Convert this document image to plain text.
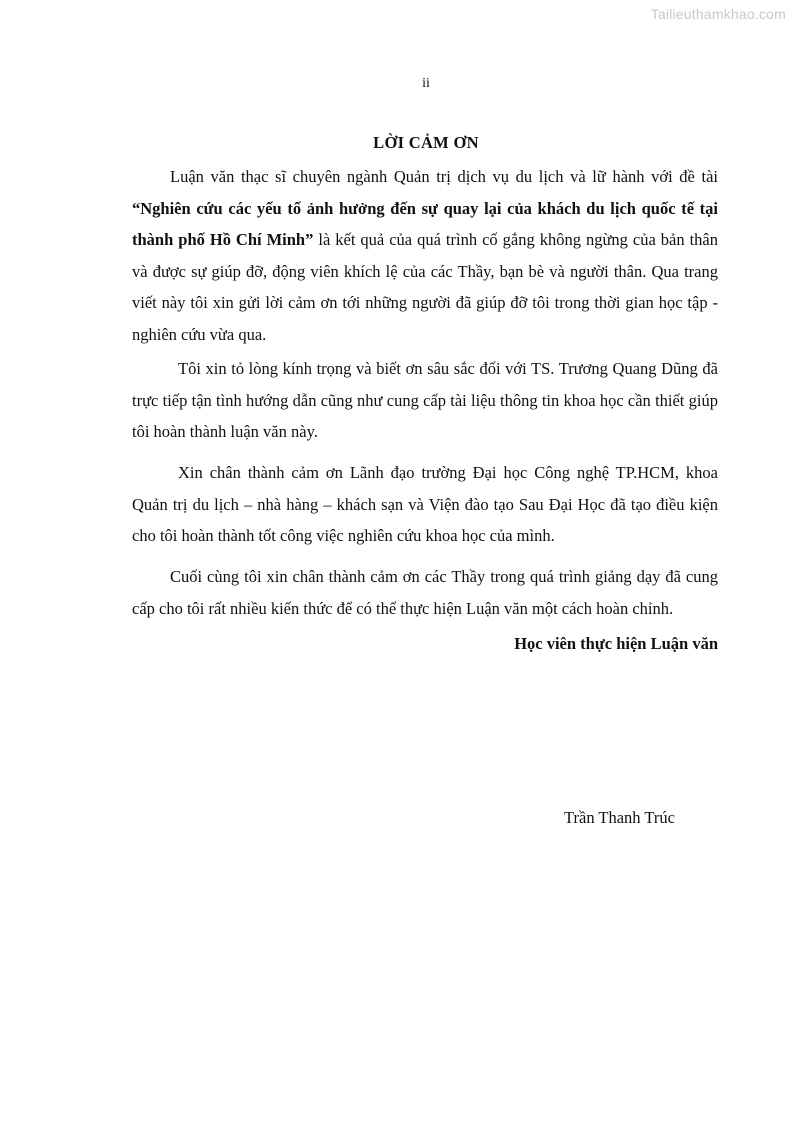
Tailieuthamkhao.com
ii
LỜI CẢM ƠN

Luận văn thạc sĩ chuyên ngành Quản trị dịch vụ du lịch và lữ hành với đề tài “Nghiên cứu các yếu tố ảnh hưởng đến sự quay lại của khách du lịch quốc tế tại thành phố Hồ Chí Minh” là kết quả của quá trình cố gắng không ngừng của bản thân và được sự giúp đỡ, động viên khích lệ của các Thầy, bạn bè và người thân. Qua trang viết này tôi xin gửi lời cảm ơn tới những người đã giúp đỡ tôi trong thời gian học tập - nghiên cứu vừa qua.

Tôi xin tỏ lòng kính trọng và biết ơn sâu sắc đối với TS. Trương Quang Dũng đã trực tiếp tận tình hướng dẫn cũng như cung cấp tài liệu thông tin khoa học cần thiết giúp tôi hoàn thành luận văn này.

Xin chân thành cảm ơn Lãnh đạo trường Đại học Công nghệ TP.HCM, khoa Quản trị du lịch – nhà hàng – khách sạn và Viện đào tạo Sau Đại Học đã tạo điều kiện cho tôi hoàn thành tốt công việc nghiên cứu khoa học của mình.

Cuối cùng tôi xin chân thành cảm ơn các Thầy trong quá trình giảng dạy đã cung cấp cho tôi rất nhiều kiến thức để có thể thực hiện Luận văn một cách hoàn chỉnh.

Học viên thực hiện Luận văn
Trần Thanh Trúc
